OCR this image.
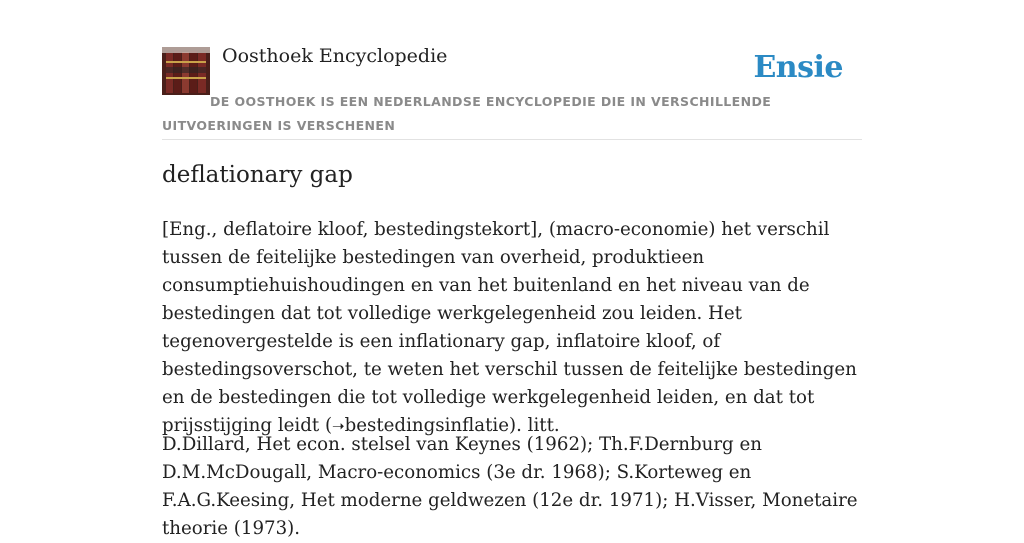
Oosthoek Encyclopedie	Ensie
DE OOSTHOEK IS EEN NEDERLANDSE ENCYCLOPEDIE DIE IN VERSCHILLENDE UITVOERINGEN IS VERSCHENEN
deflationary gap

[Eng., deflatoire kloof, bestedingstekort], (macro-economie) het verschil tussen de feitelijke bestedingen van overheid, produktieen consumptiehuishoudingen en van het buitenland en het niveau van de bestedingen dat tot volledige werkgelegenheid zou leiden. Het tegenovergestelde is een inflationary gap, inflatoire kloof, of bestedingsoverschot, te weten het verschil tussen de feitelijke bestedingen en de bestedingen die tot volledige werkgelegenheid leiden, en dat tot prijsstijging leidt (➝bestedingsinflatie). litt.

D.Dillard, Het econ. stelsel van Keynes (1962); Th.F.Dernburg en D.M.McDougall, Macro-economics (3e dr. 1968); S.Korteweg en F.A.G.Keesing, Het moderne geldwezen (12e dr. 1971); H.Visser, Monetaire theorie (1973).
